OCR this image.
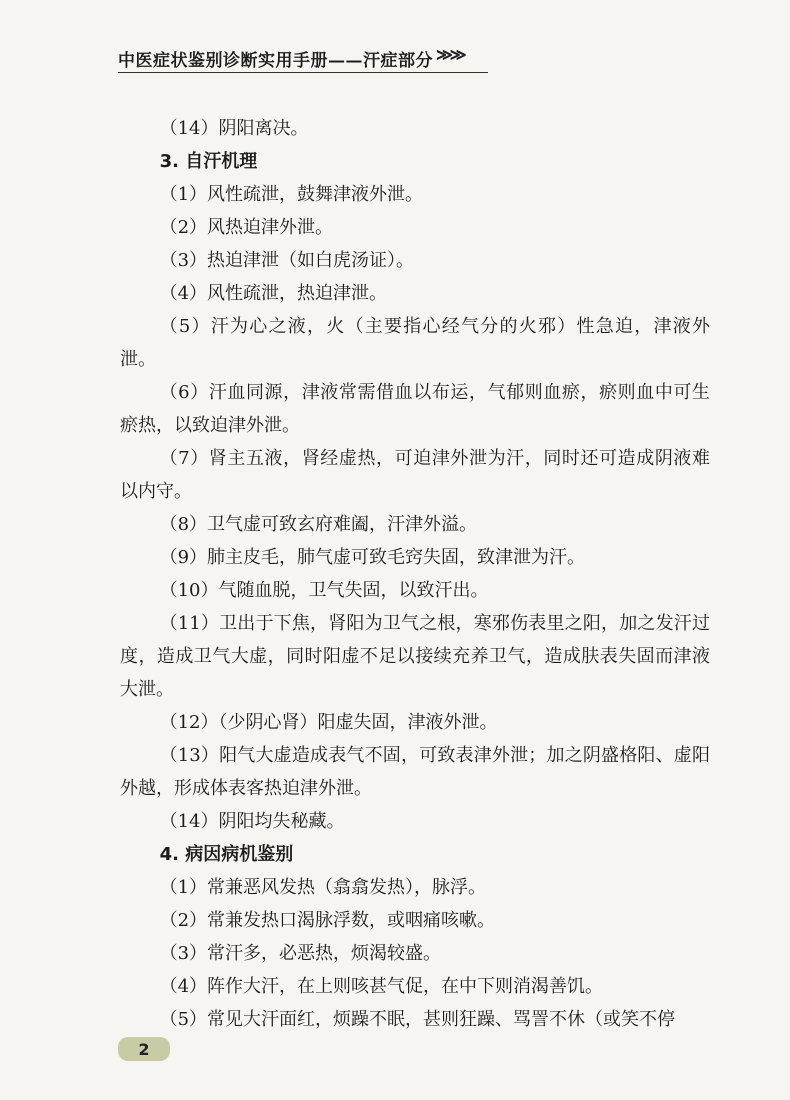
中医症状鉴别诊断实用手册——汗症部分 ≫≫

（14）阴阳离决。

3. 自汗机理

（1）风性疏泄，鼓舞津液外泄。

（2）风热迫津外泄。

（3）热迫津泄（如白虎汤证）。

（4）风性疏泄，热迫津泄。

（5）汗为心之液，火（主要指心经气分的火邪）性急迫，津液外泄。

（6）汗血同源，津液常需借血以布运，气郁则血瘀，瘀则血中可生瘀热，以致迫津外泄。

（7）肾主五液，肾经虚热，可迫津外泄为汗，同时还可造成阴液难以内守。

（8）卫气虚可致玄府难阖，汗津外溢。

（9）肺主皮毛，肺气虚可致毛窍失固，致津泄为汗。

（10）气随血脱，卫气失固，以致汗出。

（11）卫出于下焦，肾阳为卫气之根，寒邪伤表里之阳，加之发汗过度，造成卫气大虚，同时阳虚不足以接续充养卫气，造成肤表失固而津液大泄。

（12）（少阴心肾）阳虚失固，津液外泄。

（13）阳气大虚造成表气不固，可致表津外泄；加之阴盛格阳、虚阳外越，形成体表客热迫津外泄。

（14）阴阳均失秘藏。

4. 病因病机鉴别

（1）常兼恶风发热（翕翕发热），脉浮。

（2）常兼发热口渴脉浮数，或咽痛咳嗽。

（3）常汗多，必恶热，烦渴较盛。

（4）阵作大汗，在上则咳甚气促，在中下则消渴善饥。

（5）常见大汗面红，烦躁不眠，甚则狂躁、骂詈不休（或笑不停

2
